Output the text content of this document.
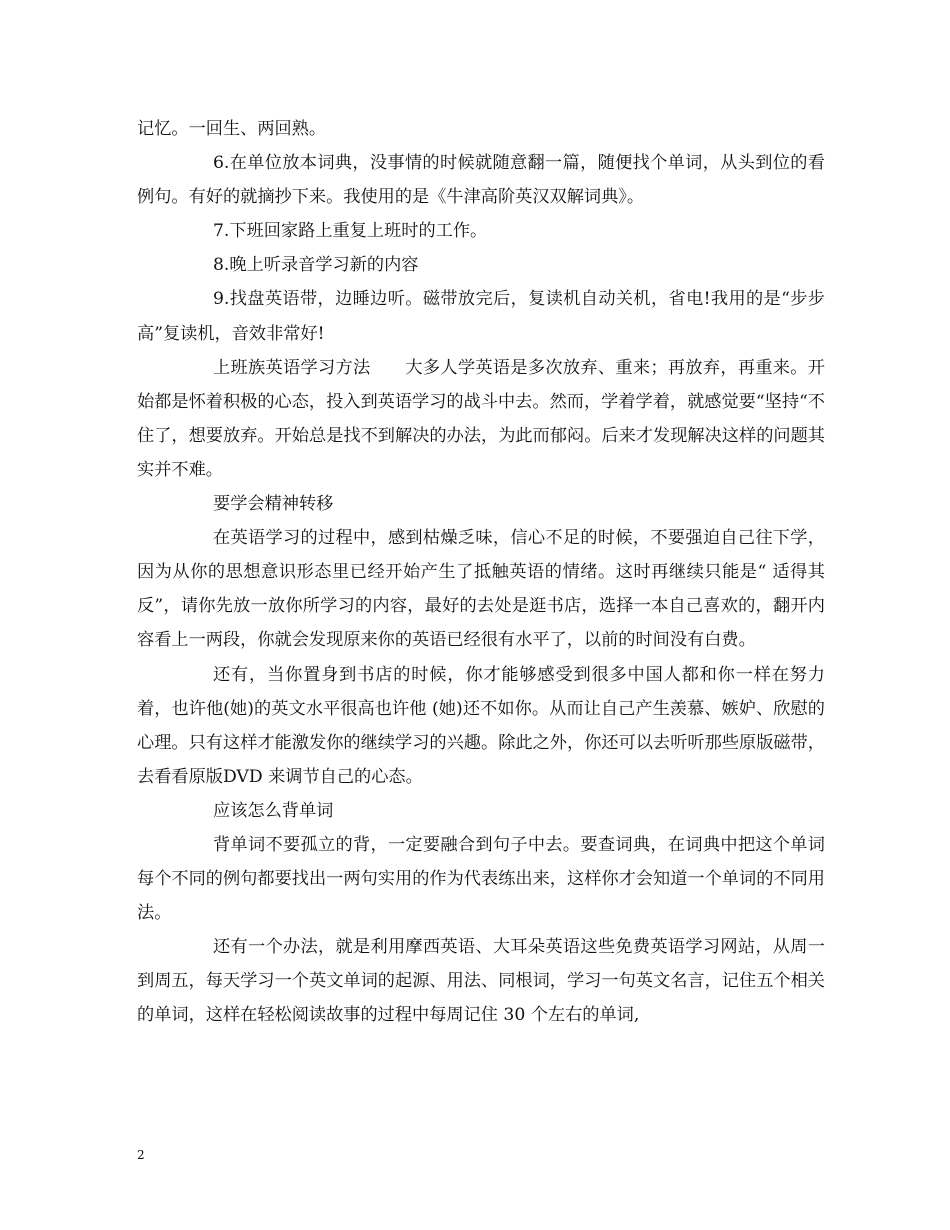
记忆。一回生、两回熟。

6.在单位放本词典，没事情的时候就随意翻一篇，随便找个单词，从头到位的看例句。有好的就摘抄下来。我使用的是《牛津高阶英汉双解词典》。

7.下班回家路上重复上班时的工作。

8.晚上听录音学习新的内容

9.找盘英语带，边睡边听。磁带放完后，复读机自动关机，省电!我用的是“步步高”复读机，音效非常好!

上班族英语学习方法　　大多人学英语是多次放弃、重来；再放弃，再重来。开始都是怀着积极的心态，投入到英语学习的战斗中去。然而，学着学着，就感觉要“坚持“不住了，想要放弃。开始总是找不到解决的办法，为此而郁闷。后来才发现解决这样的问题其实并不难。

要学会精神转移

在英语学习的过程中，感到枯燥乏味，信心不足的时候，不要强迫自己往下学，因为从你的思想意识形态里已经开始产生了抵触英语的情绪。这时再继续只能是“ 适得其反”，请你先放一放你所学习的内容，最好的去处是逛书店，选择一本自己喜欢的，翻开内容看上一两段，你就会发现原来你的英语已经很有水平了，以前的时间没有白费。

还有，当你置身到书店的时候，你才能够感受到很多中国人都和你一样在努力着，也许他(她)的英文水平很高也许他 (她)还不如你。从而让自己产生羡慕、嫉妒、欣慰的心理。只有这样才能激发你的继续学习的兴趣。除此之外，你还可以去听听那些原版磁带，去看看原版DVD 来调节自己的心态。

应该怎么背单词

背单词不要孤立的背，一定要融合到句子中去。要查词典，在词典中把这个单词每个不同的例句都要找出一两句实用的作为代表练出来，这样你才会知道一个单词的不同用法。

还有一个办法，就是利用摩西英语、大耳朵英语这些免费英语学习网站，从周一到周五，每天学习一个英文单词的起源、用法、同根词，学习一句英文名言，记住五个相关的单词，这样在轻松阅读故事的过程中每周记住 30 个左右的单词,

2
